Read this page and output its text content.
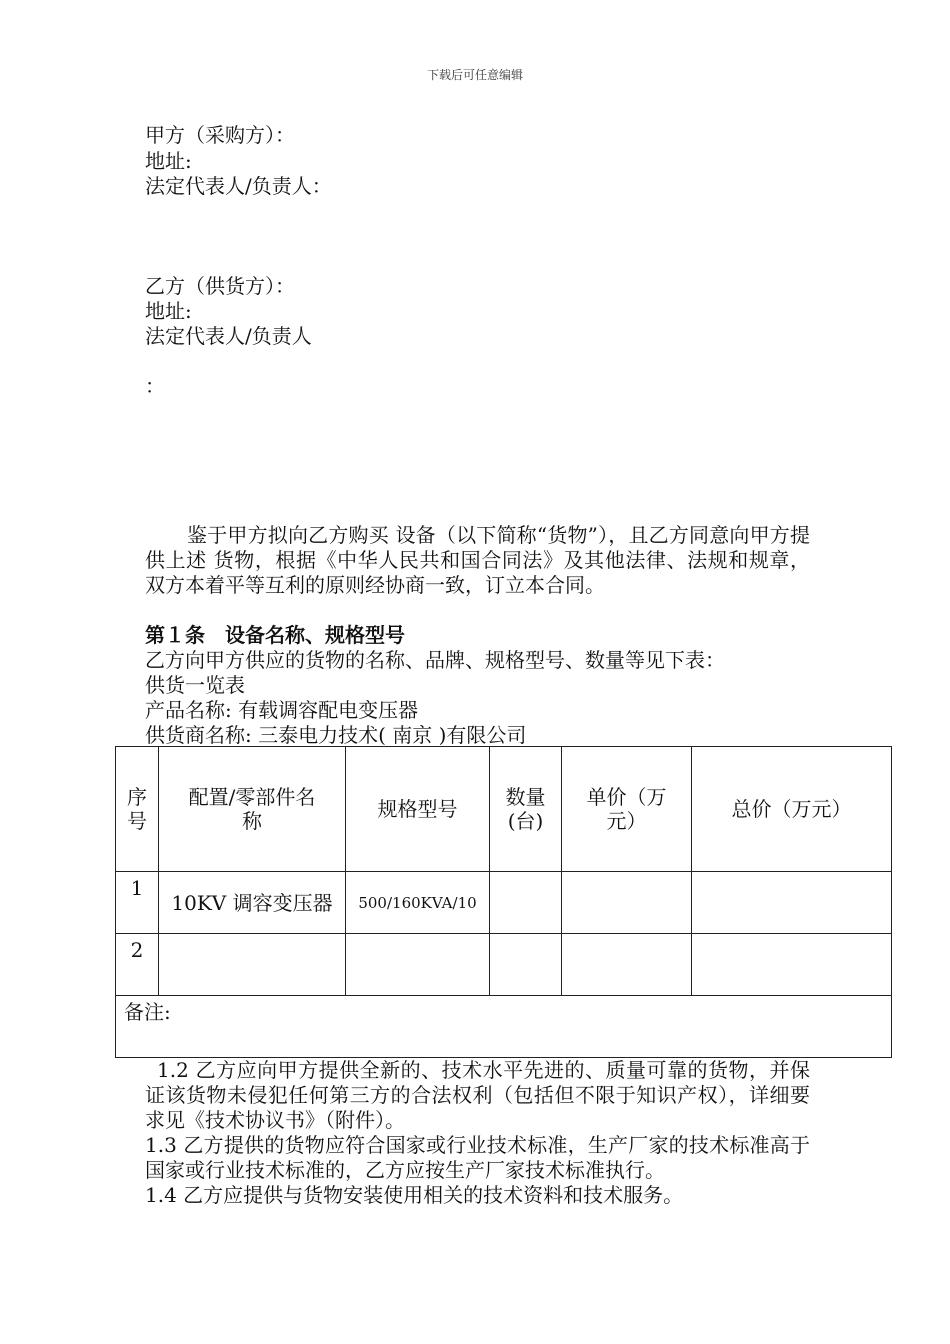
下载后可任意编辑
甲方（采购方）：
地址:
法定代表人/负责人：
乙方（供货方）：
地址:
法定代表人/负责人
：
鉴于甲方拟向乙方购买 设备（以下简称“货物”），且乙方同意向甲方提供上述 货物，根据《中华人民共和国合同法》及其他法律、法规和规章，双方本着平等互利的原则经协商一致，订立本合同。
第１条　设备名称、规格型号
乙方向甲方供应的货物的名称、品牌、规格型号、数量等见下表：
供货一览表
产品名称: 有载调容配电变压器
供货商名称: 三泰电力技术( 南京 )有限公司
序号	配置/零部件名称	规格型号	数量(台)	单价（万元）	总价（万元）
1	10KV 调容变压器	500/160KVA/10			
2					
备注:					
1.2 乙方应向甲方提供全新的、技术水平先进的、质量可靠的货物，并保证该货物未侵犯任何第三方的合法权利（包括但不限于知识产权），详细要求见《技术协议书》（附件）。
1.3 乙方提供的货物应符合国家或行业技术标准，生产厂家的技术标准高于国家或行业技术标准的，乙方应按生产厂家技术标准执行。
1.4 乙方应提供与货物安装使用相关的技术资料和技术服务。
